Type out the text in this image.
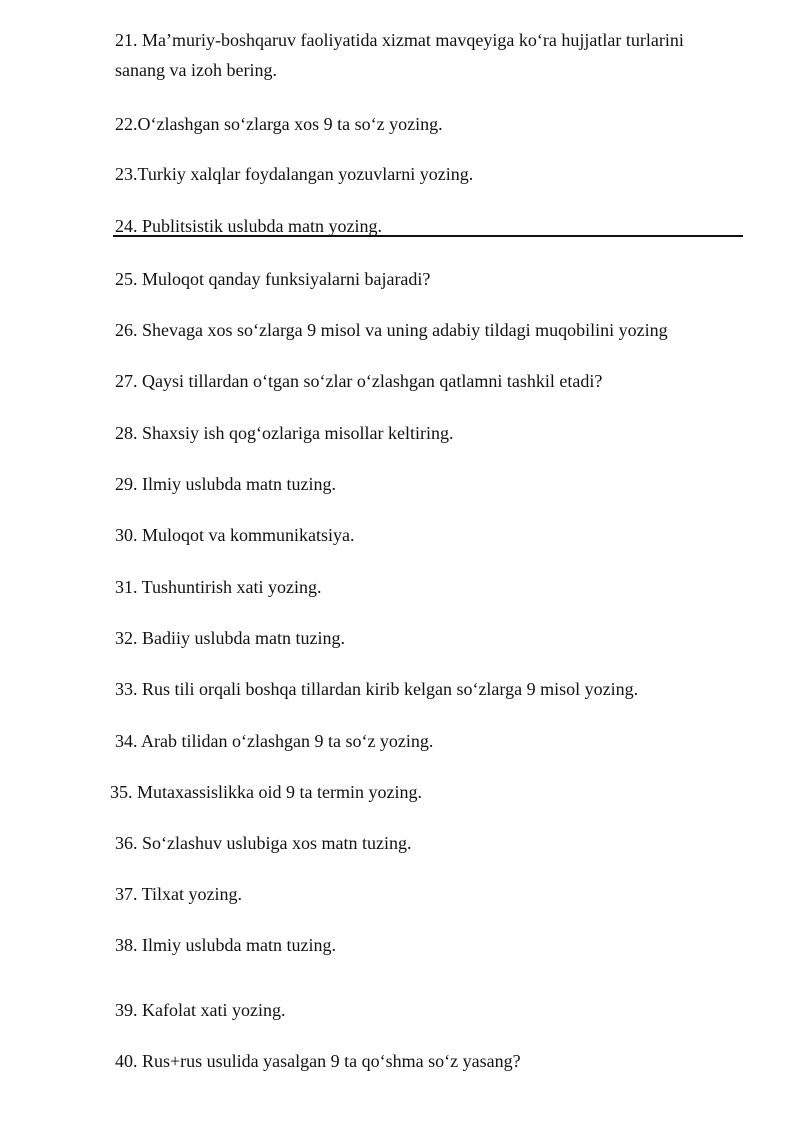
21. Ma’muriy-boshqaruv faoliyatida xizmat mavqeyiga ko‘ra hujjatlar turlarini sanang va izoh bering.
22.O‘zlashgan so‘zlarga xos 9 ta so‘z yozing.
23.Turkiy xalqlar foydalangan yozuvlarni yozing.
24. Publitsistik uslubda matn yozing.
25. Muloqot qanday funksiyalarni bajaradi?
26. Shevaga xos so‘zlarga 9 misol va uning adabiy tildagi muqobilini yozing
27. Qaysi tillardan o‘tgan so‘zlar o‘zlashgan qatlamni tashkil etadi?
28. Shaxsiy ish qog‘ozlariga misollar keltiring.
29. Ilmiy uslubda matn tuzing.
30. Muloqot va kommunikatsiya.
31. Tushuntirish xati yozing.
32. Badiiy uslubda matn tuzing.
33. Rus tili orqali boshqa tillardan kirib kelgan so‘zlarga 9 misol yozing.
34. Arab tilidan o‘zlashgan 9 ta so‘z yozing.
35. Mutaxassislikka oid 9 ta termin yozing.
36. So‘zlashuv uslubiga xos matn tuzing.
37. Tilxat yozing.
38. Ilmiy uslubda matn tuzing.
39. Kafolat xati yozing.
40. Rus+rus usulida yasalgan 9 ta qo‘shma so‘z yasang?
